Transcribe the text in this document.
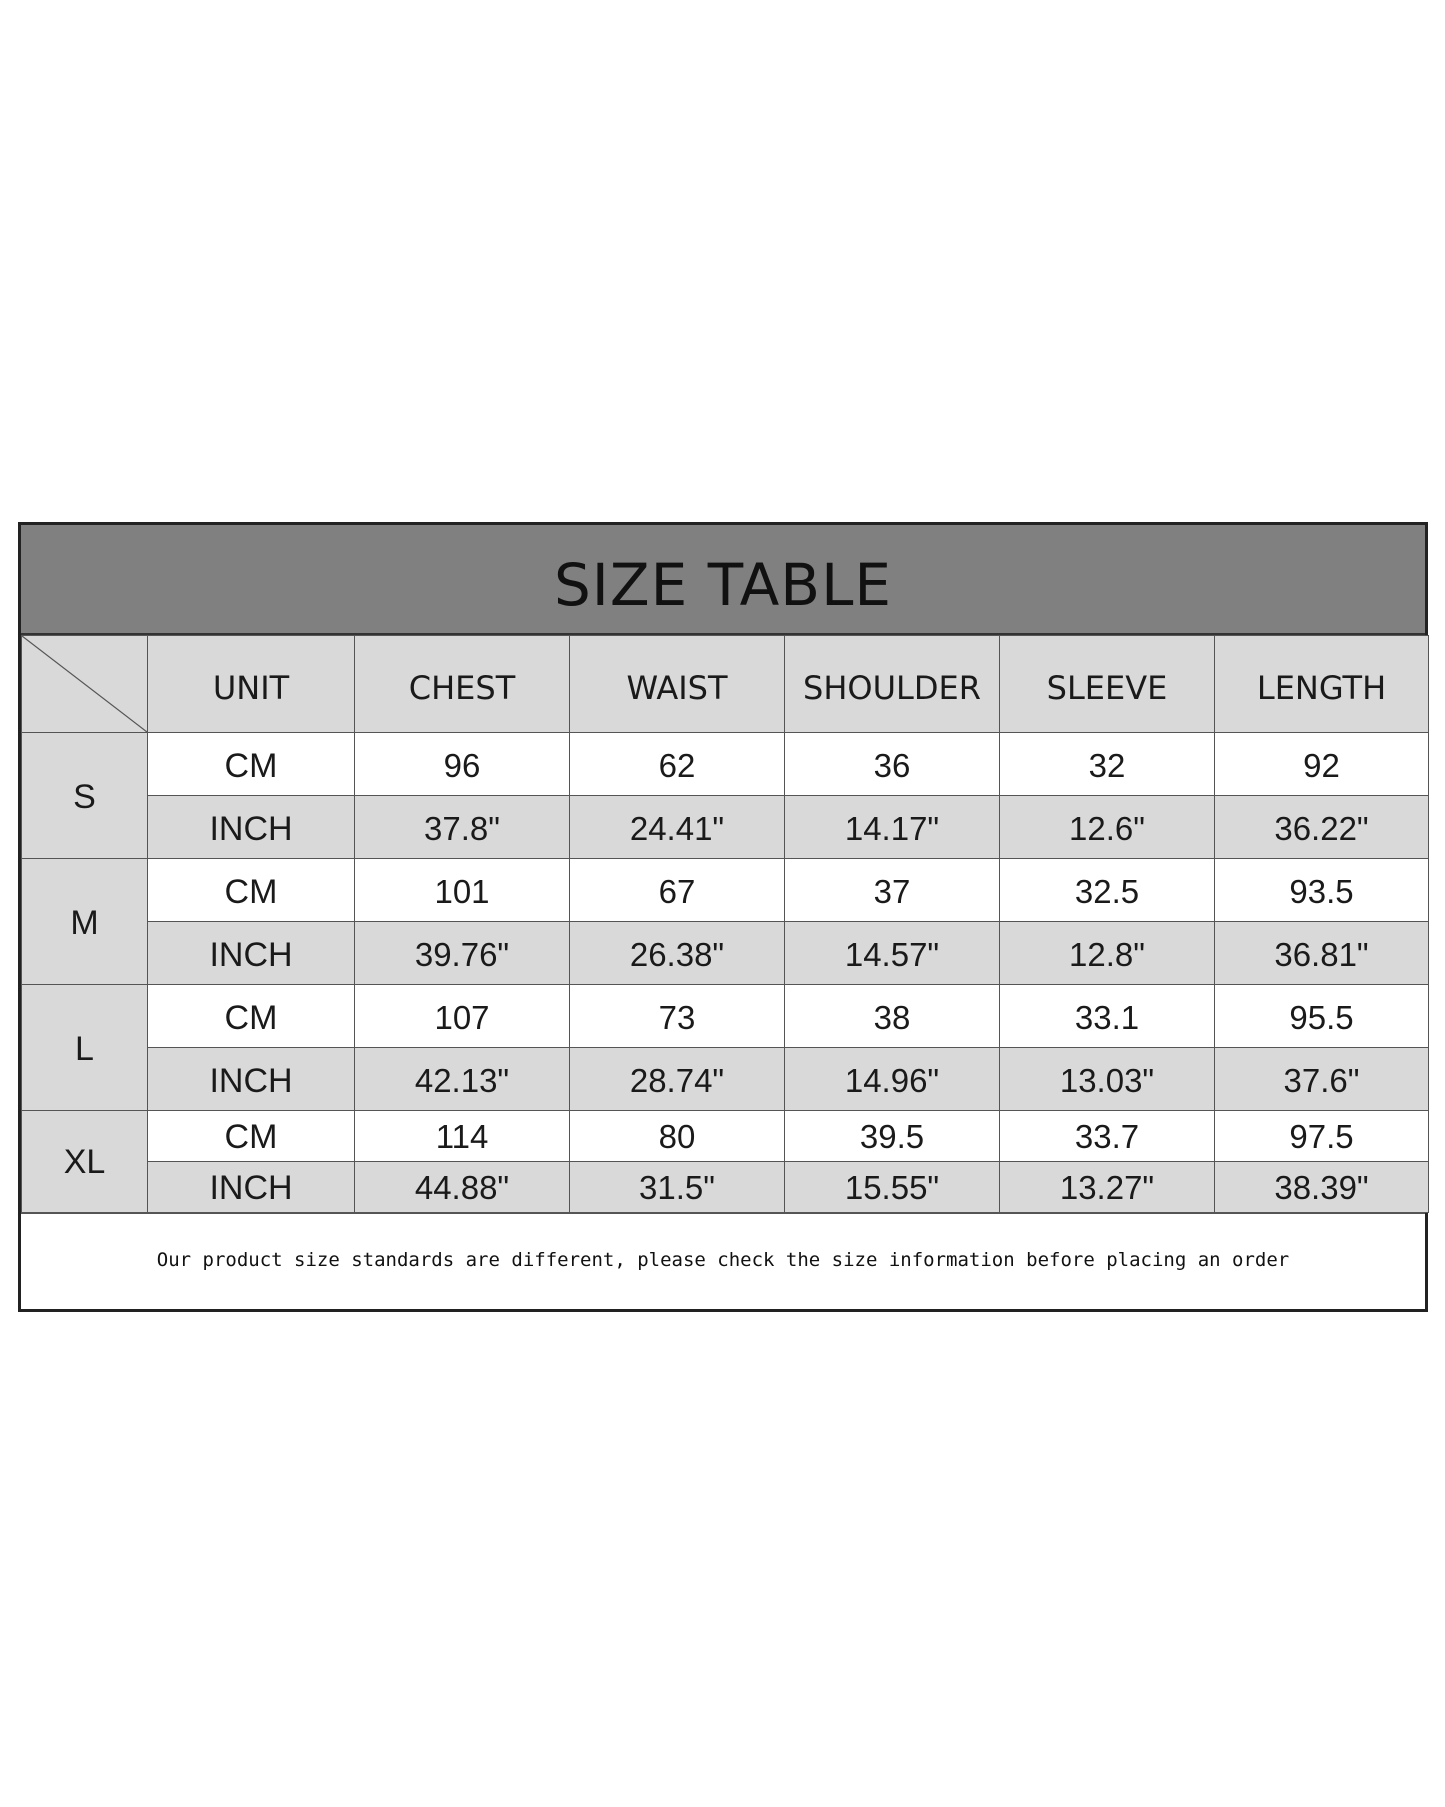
SIZE TABLE
	UNIT	CHEST	WAIST	SHOULDER	SLEEVE	LENGTH
S	CM	96	62	36	32	92
	INCH	37.8"	24.41"	14.17"	12.6"	36.22"
M	CM	101	67	37	32.5	93.5
	INCH	39.76"	26.38"	14.57"	12.8"	36.81"
L	CM	107	73	38	33.1	95.5
	INCH	42.13"	28.74"	14.96"	13.03"	37.6"
XL	CM	114	80	39.5	33.7	97.5
	INCH	44.88"	31.5"	15.55"	13.27"	38.39"
Our product size standards are different, please check the size information before placing an order
